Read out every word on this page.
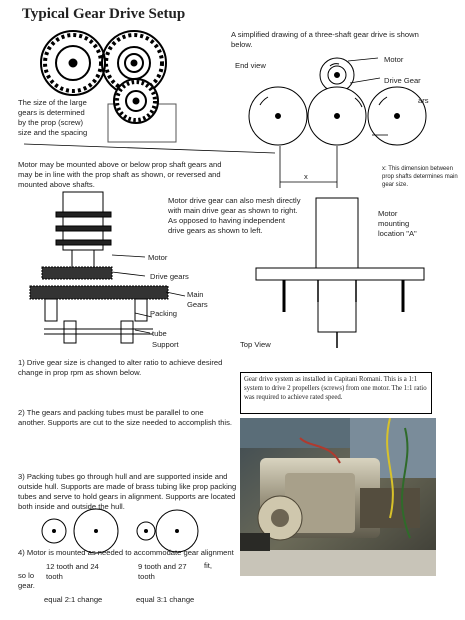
Typical Gear Drive Setup
A simplified drawing of a three-shaft gear drive is shown below.
End view
Motor
Drive Gear
ars
x
x: This dimension between prop shafts determines main gear size.
The size of the large gears is determined by the prop (screw) size and the spacing
Motor may be mounted above or below prop shaft gears and may be in line with the prop shaft as shown, or reversed and mounted above shafts.
Motor drive gear can also mesh directly with main drive gear as shown to right. As opposed to having independent drive gears as shown to left.
Motor
Drive gears
Main
Gears
Packing
tube
Support
Motor
mounting
location "A"
Top View
1) Drive gear size is changed to alter ratio to achieve desired change in prop rpm as shown below.
2) The gears and packing tubes must be parallel to one another. Supports are cut to the size needed to accomplish this.
3) Packing tubes go through hull and are supported inside and outside hull. Supports are made of brass tubing like prop packing tubes and serve to hold gears in alignment. Supports are located both inside and outside the hull.
4) Motor is mounted as needed to accommodate gear alignment
fit,
so lo
gear.
12 tooth and 24
tooth
equal 2:1 change
9 tooth and 27
tooth
equal 3:1 change
Gear drive system as installed in Capitani Romani. This is a 1:1 system to drive 2 propellers (screws) from one motor. The 1:1 ratio was required to achieve rated speed.
